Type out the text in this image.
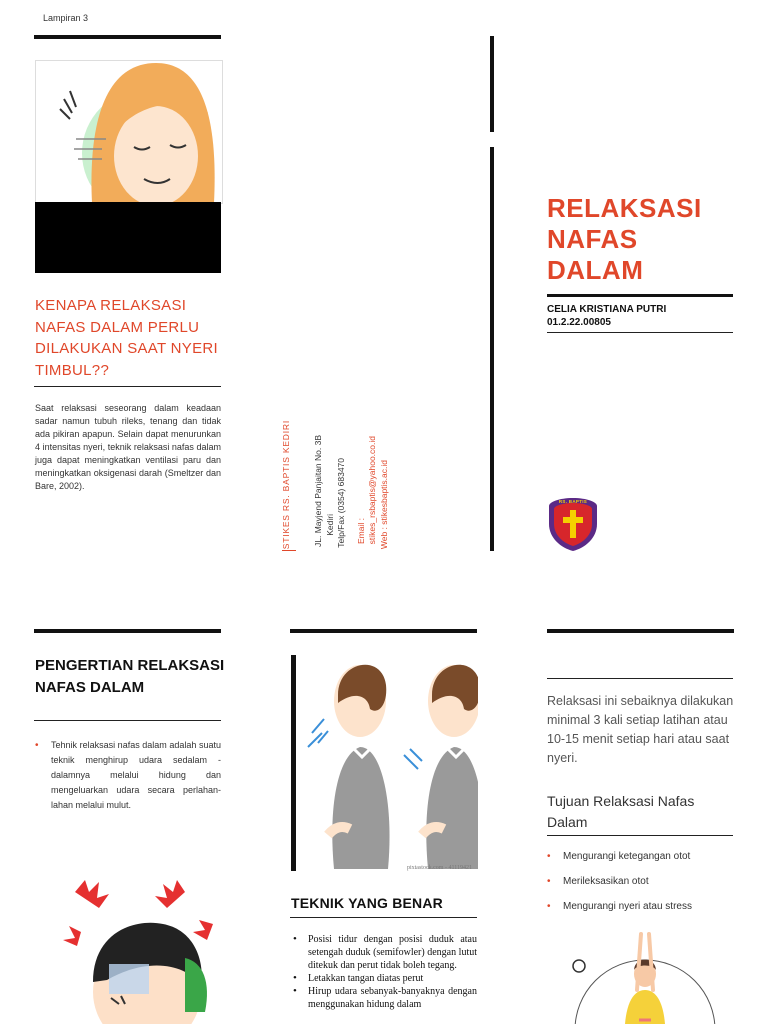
Lampiran 3
KENAPA RELAKSASI NAFAS DALAM PERLU DILAKUKAN SAAT NYERI TIMBUL??
Saat relaksasi seseorang dalam keadaan sadar namun tubuh rileks, tenang dan tidak ada pikiran apapun. Selain dapat menurunkan 4 intensitas nyeri, teknik relaksasi nafas dalam juga dapat meningkatkan ventilasi paru dan meningkatkan oksigenasi darah (Smeltzer dan Bare, 2002).	STIKES RS. BAPTIS KEDIRI	JL. Mayjend Panjaitan No. 3B Kediri Telp/Fax (0354) 683470 Email : stikes_rsbaptis@yahoo.co.id Web : stikesbaptis.ac.id
RELAKSASI
NAFAS
DALAM
CELIA KRISTIANA PUTRI
01.2.22.00805
RS. BAPTIS
PENGERTIAN RELAKSASI NAFAS DALAM
• Tehnik relaksasi nafas dalam adalah suatu teknik menghirup udara sedalam - dalamnya melalui hidung dan mengeluarkan udara secara perlahan-lahan melalui mulut.
pixtastock.com - 41119421
TEKNIK YANG BENAR
• Posisi tidur dengan posisi duduk atau setengah duduk (semifowler) dengan lutut ditekuk dan perut tidak boleh tegang.
• Letakkan tangan diatas perut
• Hirup udara sebanyak-banyaknya dengan menggunakan hidung dalam
Relaksasi ini sebaiknya dilakukan minimal 3 kali setiap latihan atau 10-15 menit setiap hari atau saat nyeri.
Tujuan Relaksasi Nafas Dalam
• Mengurangi ketegangan otot
• Merileksasikan otot
• Mengurangi nyeri atau stress
